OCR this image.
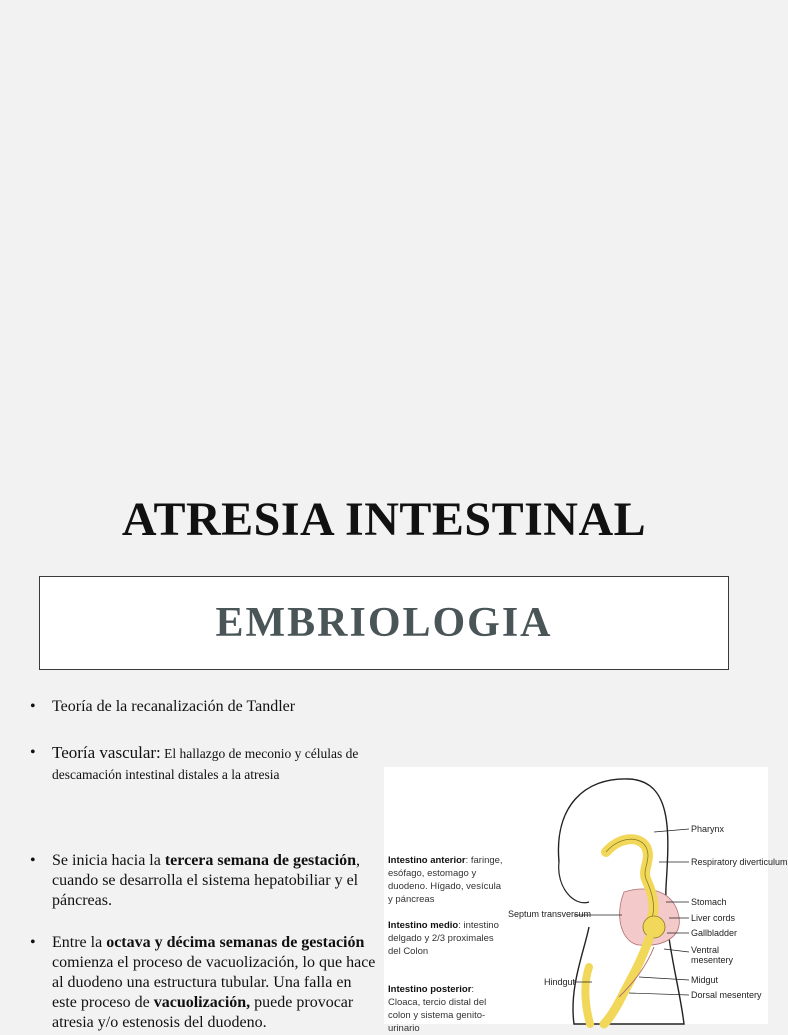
ATRESIA INTESTINAL
EMBRIOLOGIA
• Teoría de la recanalización de Tandler
• Teoría vascular: El hallazgo de meconio y células de
descamación intestinal distales a la atresia
• Se inicia hacia la tercera semana de gestación,
cuando se desarrolla el sistema hepatobiliar y el
páncreas.
• Entre la octava y décima semanas de gestación
comienza el proceso de vacuolización, lo que hace
al duodeno una estructura tubular. Una falla en
este proceso de vacuolización, puede provocar
atresia y/o estenosis del duodeno.
Intestino anterior: faringe, esófago, estomago y duodeno. Hígado, vesícula y páncreas
Intestino medio: intestino delgado y 2/3 proximales del Colon
Intestino posterior: Cloaca, tercio distal del colon y sistema genito-urinario
Pharynx
Respiratory diverticulum
Septum transversum
Stomach
Liver cords
Gallbladder
Ventral mesentery
Hindgut	Midgut
Dorsal mesentery
